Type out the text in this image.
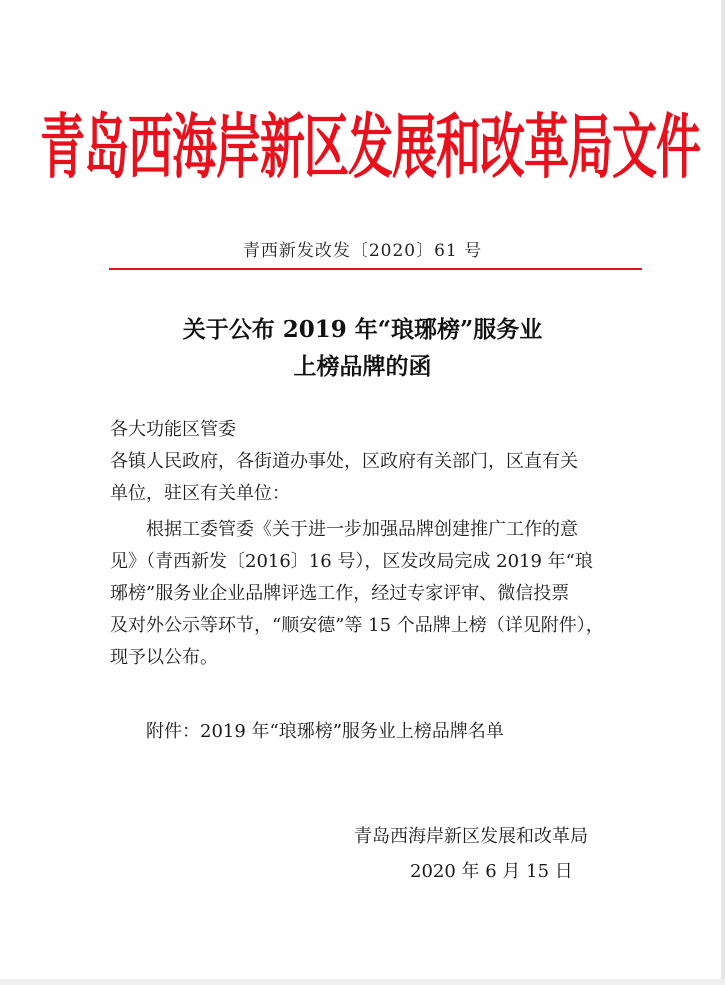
青岛西海岸新区发展和改革局文件
青西新发改发〔2020〕61 号
关于公布 2019 年“琅琊榜”服务业
上榜品牌的函
各大功能区管委
各镇人民政府，各街道办事处，区政府有关部门，区直有关
单位，驻区有关单位：
根据工委管委《关于进一步加强品牌创建推广工作的意
见》（青西新发〔2016〕16 号），区发改局完成 2019 年“琅
琊榜”服务业企业品牌评选工作，经过专家评审、微信投票
及对外公示等环节，“顺安德”等 15 个品牌上榜（详见附件），
现予以公布。
附件：2019 年“琅琊榜”服务业上榜品牌名单
青岛西海岸新区发展和改革局
2020 年 6 月 15 日
